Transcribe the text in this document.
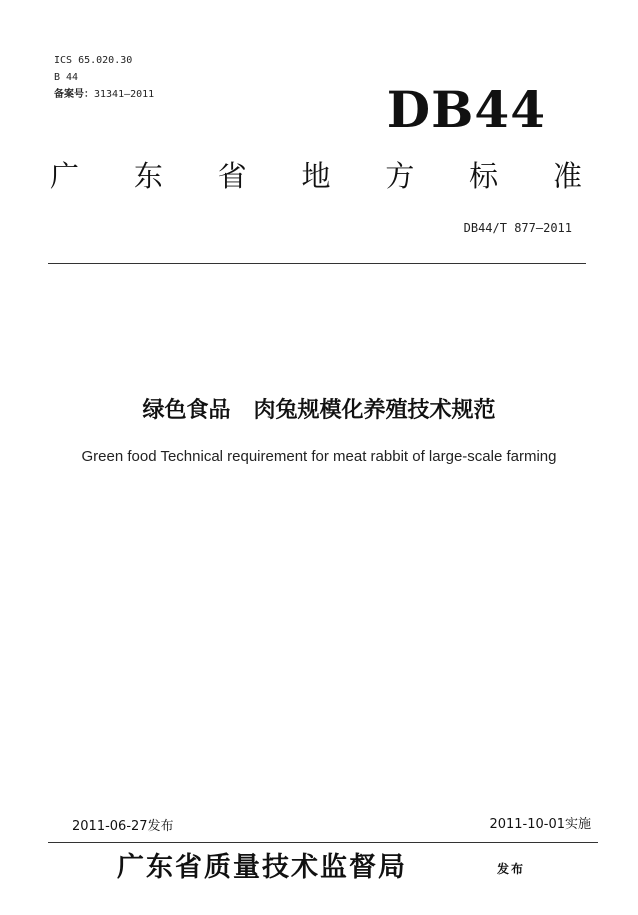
ICS 65.020.30
B 44
备案号：31341—2011	DB44
广 东 省 地 方 标 准
DB44/T 877—2011
绿色食品   肉兔规模化养殖技术规范
Green food Technical requirement for meat rabbit of large-scale farming
2011-06-27发布	2011-10-01实施
广东省质量技术监督局	发布
